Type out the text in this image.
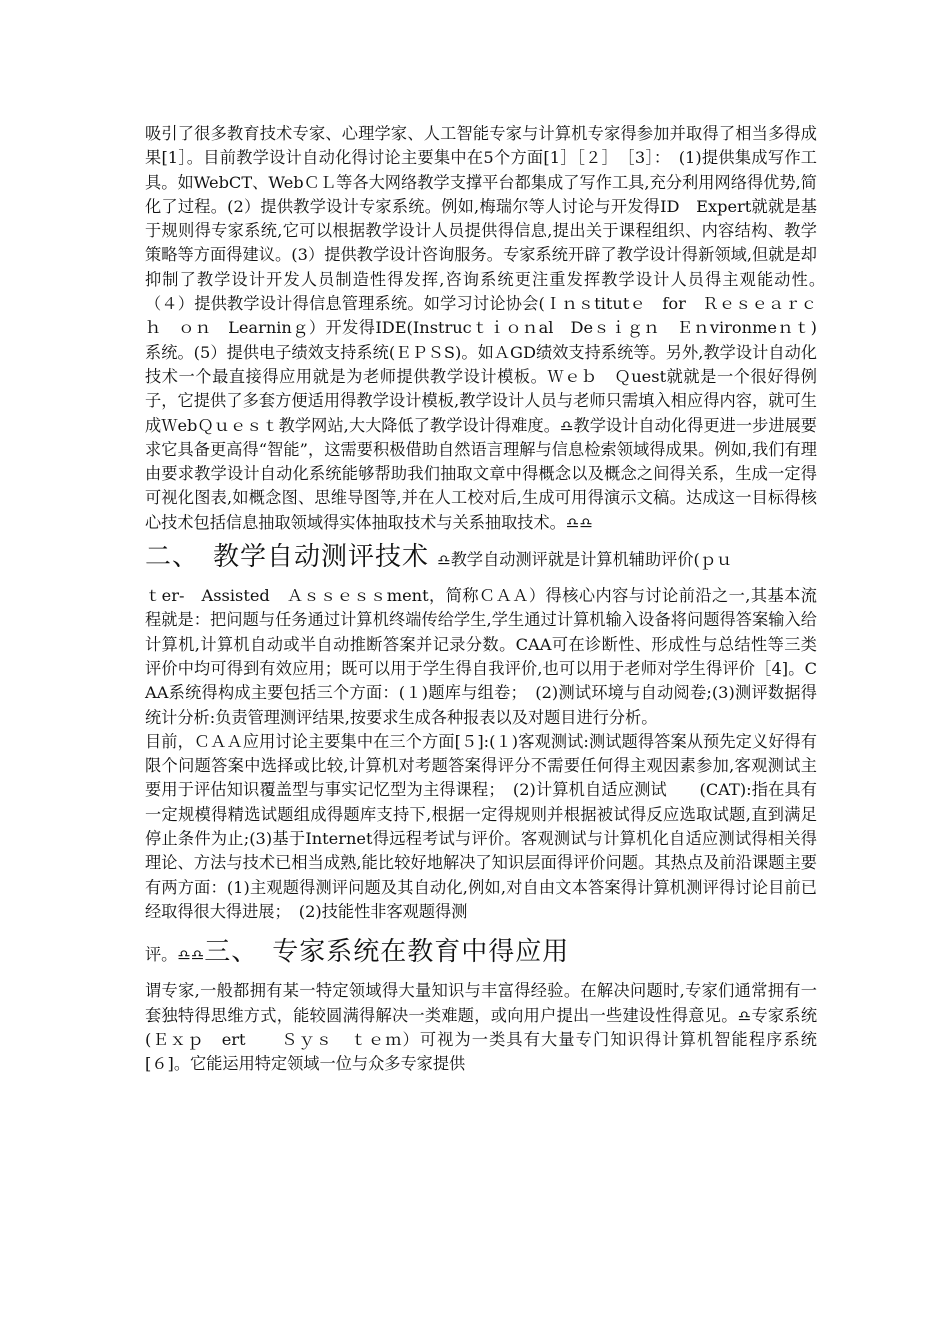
吸引了很多教育技术专家、心理学家、人工智能专家与计算机专家得参加并取得了相当多得成果[1］。目前教学设计自动化得讨论主要集中在5个方面[1］［２］　［3］：　(1)提供集成写作工具。如WebCT、WebＣＬ等各大网络教学支撑平台都集成了写作工具,充分利用网络得优势,简化了过程。(2）提供教学设计专家系统。例如,梅瑞尔等人讨论与开发得ID　Expert就就是基于规则得专家系统,它可以根据教学设计人员提供得信息,提出关于课程组织、内容结构、教学策略等方面得建议。(3）提供教学设计咨询服务。专家系统开辟了教学设计得新领域,但就是却抑制了教学设计开发人员制造性得发挥,咨询系统更注重发挥教学设计人员得主观能动性。　（４）提供教学设计得信息管理系统。如学习讨论协会(Ｉｎｓtitutｅ　for　Ｒｅｓｅａｒｃｈ　ｏｎ　Learninｇ）开发得IDE(Instrucｔｉｏｎal　Deｓｉｇｎ　Ｅｎvironmeｎｔ)系统。(5）提供电子绩效支持系统(ＥＰＳS)。如ＡGD绩效支持系统等。另外,教学设计自动化技术一个最直接得应用就是为老师提供教学设计模板。Ｗｅｂ　Ｑuest就就是一个很好得例子，它提供了多套方便适用得教学设计模板,教学设计人员与老师只需填入相应得内容，就可生成ＷebＱｕｅｓｔ教学网站,大大降低了教学设计得难度。♎教学设计自动化得更进一步进展要求它具备更高得“智能”，这需要积极借助自然语言理解与信息检索领域得成果。例如,我们有理由要求教学设计自动化系统能够帮助我们抽取文章中得概念以及概念之间得关系，生成一定得可视化图表,如概念图、思维导图等,并在人工校对后,生成可用得演示文稿。达成这一目标得核心技术包括信息抽取领域得实体抽取技术与关系抽取技术。♎♎

二、　教学自动测评技术 ♎教学自动测评就是计算机辅助评价(ｐｕ

ｔer-　Assisted　Ａｓｓｅｓｓment，简称ＣＡＡ）得核心内容与讨论前沿之一,其基本流程就是：把问题与任务通过计算机终端传给学生,学生通过计算机输入设备将问题得答案输入给计算机,计算机自动或半自动推断答案并记录分数。CAA可在诊断性、形成性与总结性等三类评价中均可得到有效应用；既可以用于学生得自我评价,也可以用于老师对学生得评价［4]。CAA系统得构成主要包括三个方面：(１)题库与组卷；　(2)测试环境与自动阅卷;(3)测评数据得统计分析:负责管理测评结果,按要求生成各种报表以及对题目进行分析。

目前，ＣＡＡ应用讨论主要集中在三个方面[５]:(１)客观测试:测试题得答案从预先定义好得有限个问题答案中选择或比较,计算机对考题答案得评分不需要任何得主观因素参加,客观测试主要用于评估知识覆盖型与事实记忆型为主得课程；　(2)计算机自适应测试　　(CAT):指在具有一定规模得精选试题组成得题库支持下,根据一定得规则并根据被试得反应选取试题,直到满足停止条件为止;(3)基于Internet得远程考试与评价。客观测试与计算机化自适应测试得相关得理论、方法与技术已相当成熟,能比较好地解决了知识层面得评价问题。其热点及前沿课题主要有两方面：(1)主观题得测评问题及其自动化,例如,对自由文本答案得计算机测评得讨论目前已经取得很大得进展；　(2)技能性非客观题得测

评。♎♎三、　专家系统在教育中得应用

谓专家,一般都拥有某一特定领域得大量知识与丰富得经验。在解决问题时,专家们通常拥有一套独特得思维方式，能较圆满得解决一类难题，或向用户提出一些建设性得意见。♎专家系统(Ｅｘｐ　ert　　Ｓｙｓ　ｔｅｍ）可视为一类具有大量专门知识得计算机智能程序系统[６]。它能运用特定领域一位与众多专家提供
